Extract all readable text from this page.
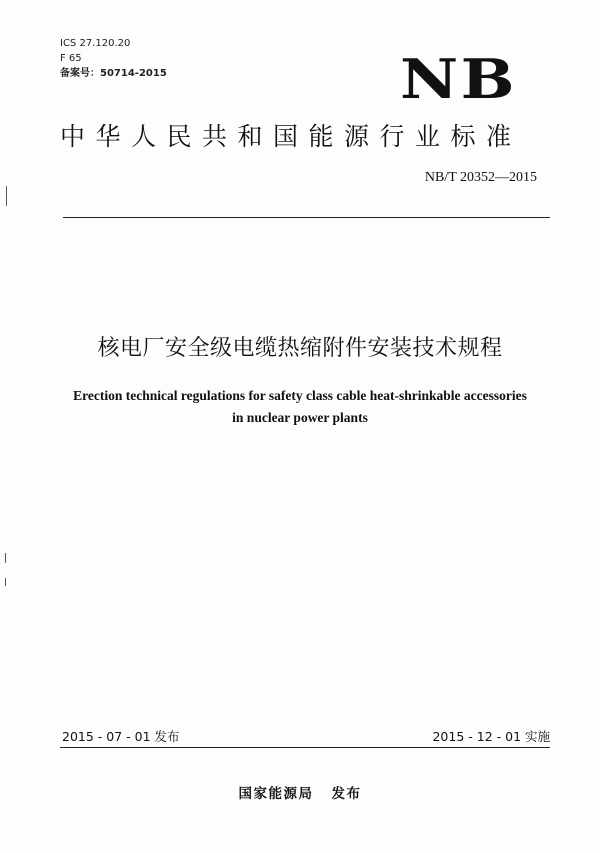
ICS 27.120.20
F 65
备案号：50714-2015	NB
中华人民共和国能源行业标准
NB/T 20352—2015
核电厂安全级电缆热缩附件安装技术规程
Erection technical regulations for safety class cable heat-shrinkable accessories
in nuclear power plants
2015 - 07 - 01 发布	2015 - 12 - 01 实施
国家能源局 发布
